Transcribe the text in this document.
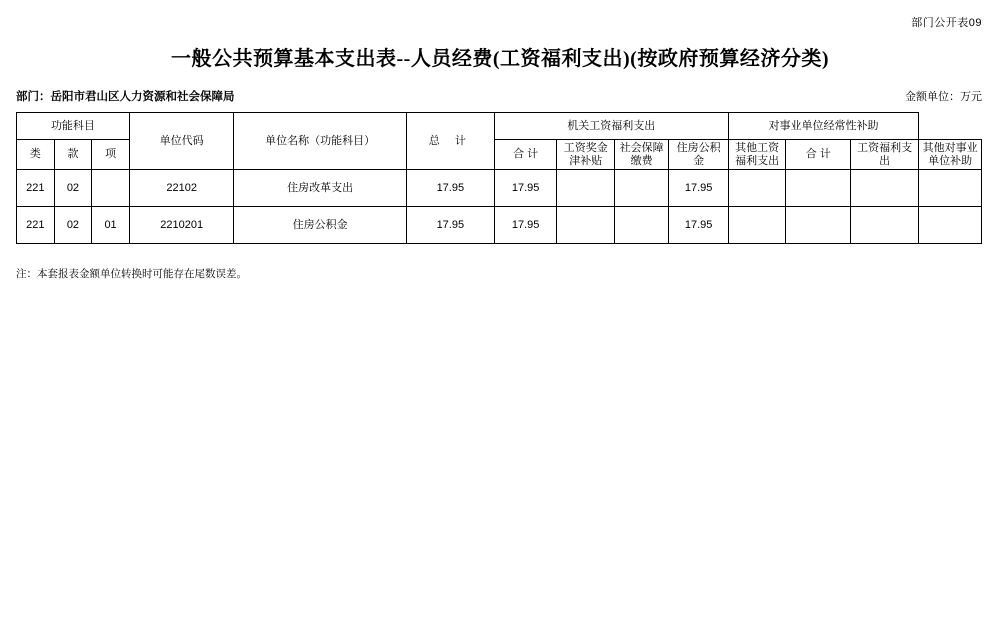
部门公开表09
一般公共预算基本支出表--人员经费(工资福利支出)(按政府预算经济分类)
部门：岳阳市君山区人力资源和社会保障局	金额单位：万元
功能科目			单位代码	单位名称（功能科目）	总 计	机关工资福利支出				对事业单位经常性补助			
类	款	项				合 计	工资奖金津补贴	社会保障缴费	住房公积金	其他工资福利支出	合 计	工资福利支出	其他对事业单位补助
221	02		22102	住房改革支出	17.95	17.95			17.95				
221	02	01	2210201	住房公积金	17.95	17.95			17.95				
注：本套报表金额单位转换时可能存在尾数误差。
